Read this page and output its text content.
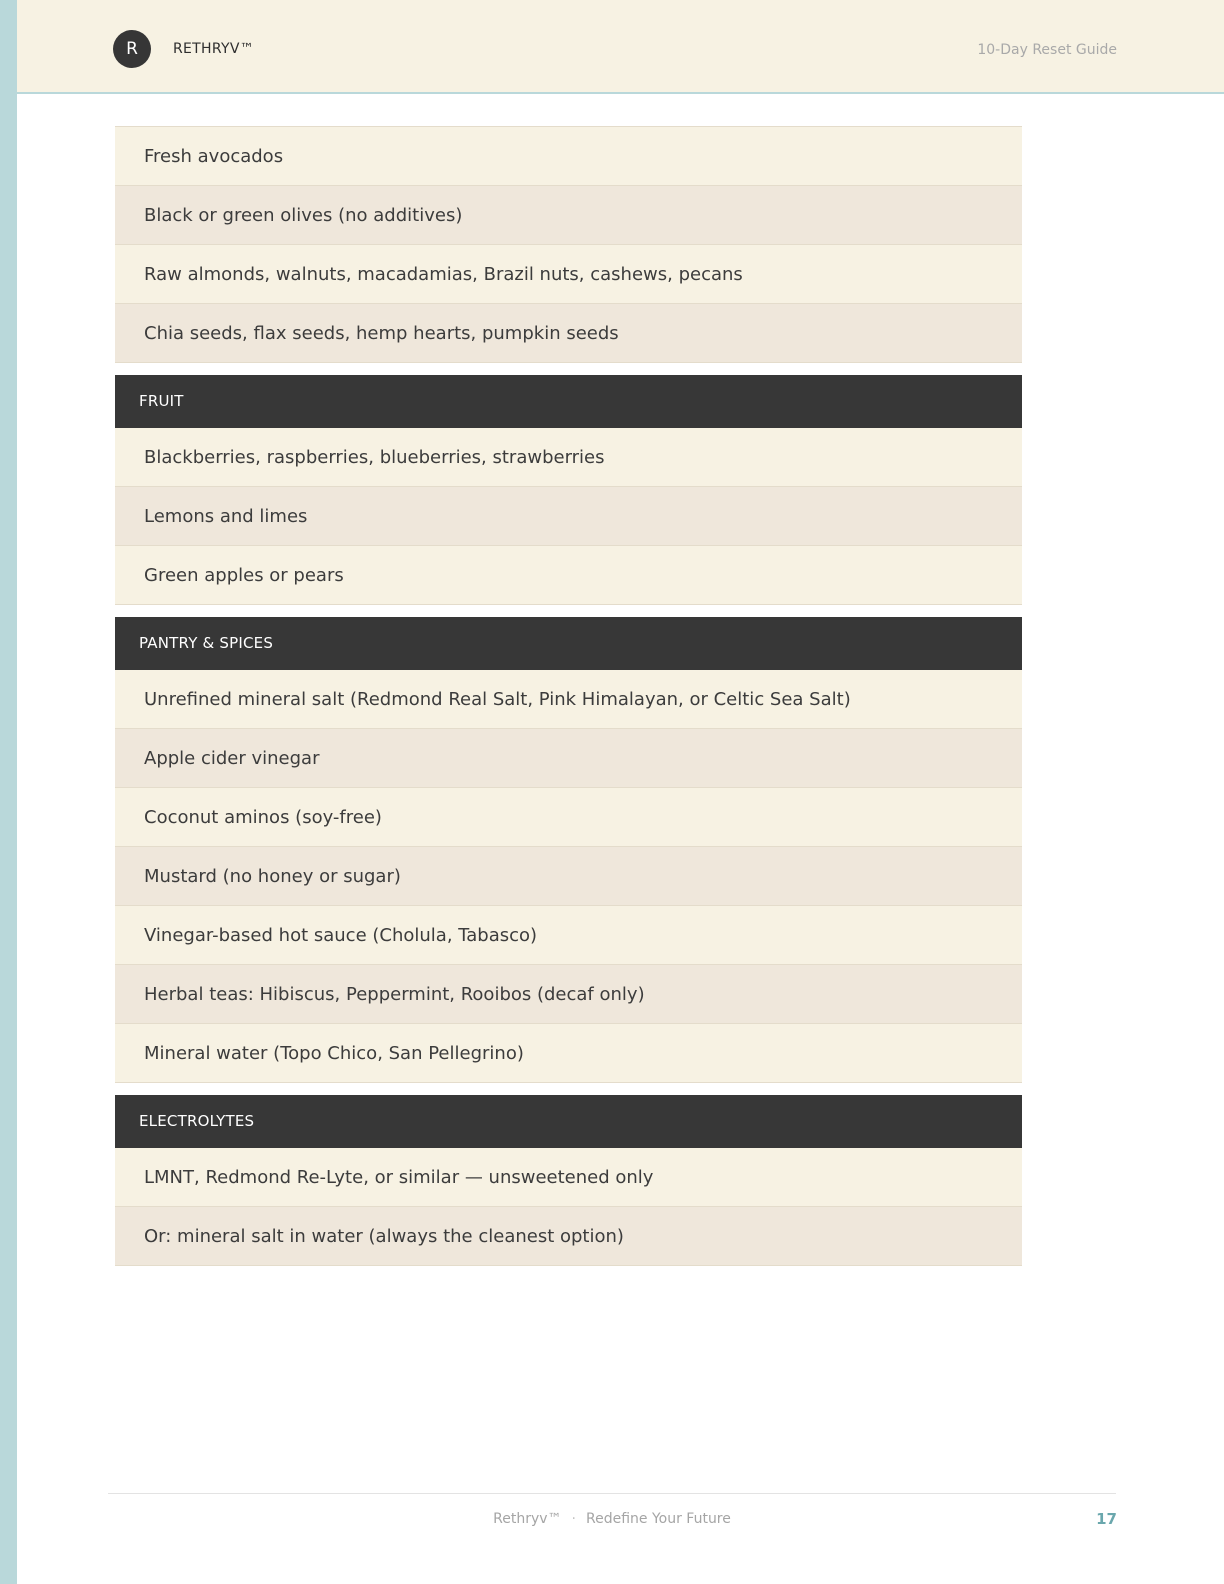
R	RETHRYV™	10-Day Reset Guide
Fresh avocados
Black or green olives (no additives)
Raw almonds, walnuts, macadamias, Brazil nuts, cashews, pecans
Chia seeds, flax seeds, hemp hearts, pumpkin seeds
FRUIT
Blackberries, raspberries, blueberries, strawberries
Lemons and limes
Green apples or pears
PANTRY & SPICES
Unrefined mineral salt (Redmond Real Salt, Pink Himalayan, or Celtic Sea Salt)
Apple cider vinegar
Coconut aminos (soy-free)
Mustard (no honey or sugar)
Vinegar-based hot sauce (Cholula, Tabasco)
Herbal teas: Hibiscus, Peppermint, Rooibos (decaf only)
Mineral water (Topo Chico, San Pellegrino)
ELECTROLYTES
LMNT, Redmond Re-Lyte, or similar — unsweetened only
Or: mineral salt in water (always the cleanest option)
Rethryv™ · Redefine Your Future	17
